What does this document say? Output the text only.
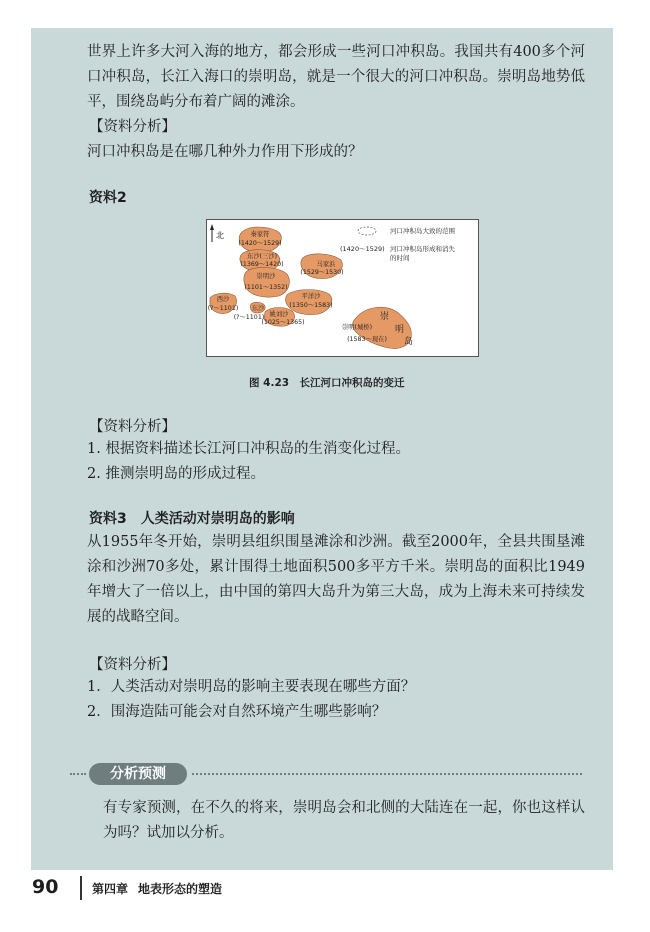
世界上许多大河入海的地方，都会形成一些河口冲积岛。我国共有400多个河口冲积岛，长江入海口的崇明岛，就是一个很大的河口冲积岛。崇明岛地势低平，围绕岛屿分布着广阔的滩涂。
【资料分析】
河口冲积岛是在哪几种外力作用下形成的？
资料2
北	秦家符
(1420～1529)
东沙(三沙)
(1369～1420)	马家浜
(1529～1530)
崇明沙
(1101～1352)
西沙
(?～1101) 东沙
(?～1101) 姚刘沙
(1025～1365)
平洋沙
(1350～1583)
崇明(城桥)
(1583～现在)
崇
明
岛
河口冲积岛大致的范围
(1420～1529) 河口冲积岛形成和消失
的时间
图 4.23　长江河口冲积岛的变迁
【资料分析】
1. 根据资料描述长江河口冲积岛的生消变化过程。
2. 推测崇明岛的形成过程。
资料3　人类活动对崇明岛的影响
从1955年冬开始，崇明县组织围垦滩涂和沙洲。截至2000年，全县共围垦滩涂和沙洲70多处，累计围得土地面积500多平方千米。崇明岛的面积比1949年增大了一倍以上，由中国的第四大岛升为第三大岛，成为上海未来可持续发展的战略空间。
【资料分析】
1．人类活动对崇明岛的影响主要表现在哪些方面？
2．围海造陆可能会对自然环境产生哪些影响？
分析预测
有专家预测，在不久的将来，崇明岛会和北侧的大陆连在一起，你也这样认为吗？试加以分析。
90	第四章 地表形态的塑造
